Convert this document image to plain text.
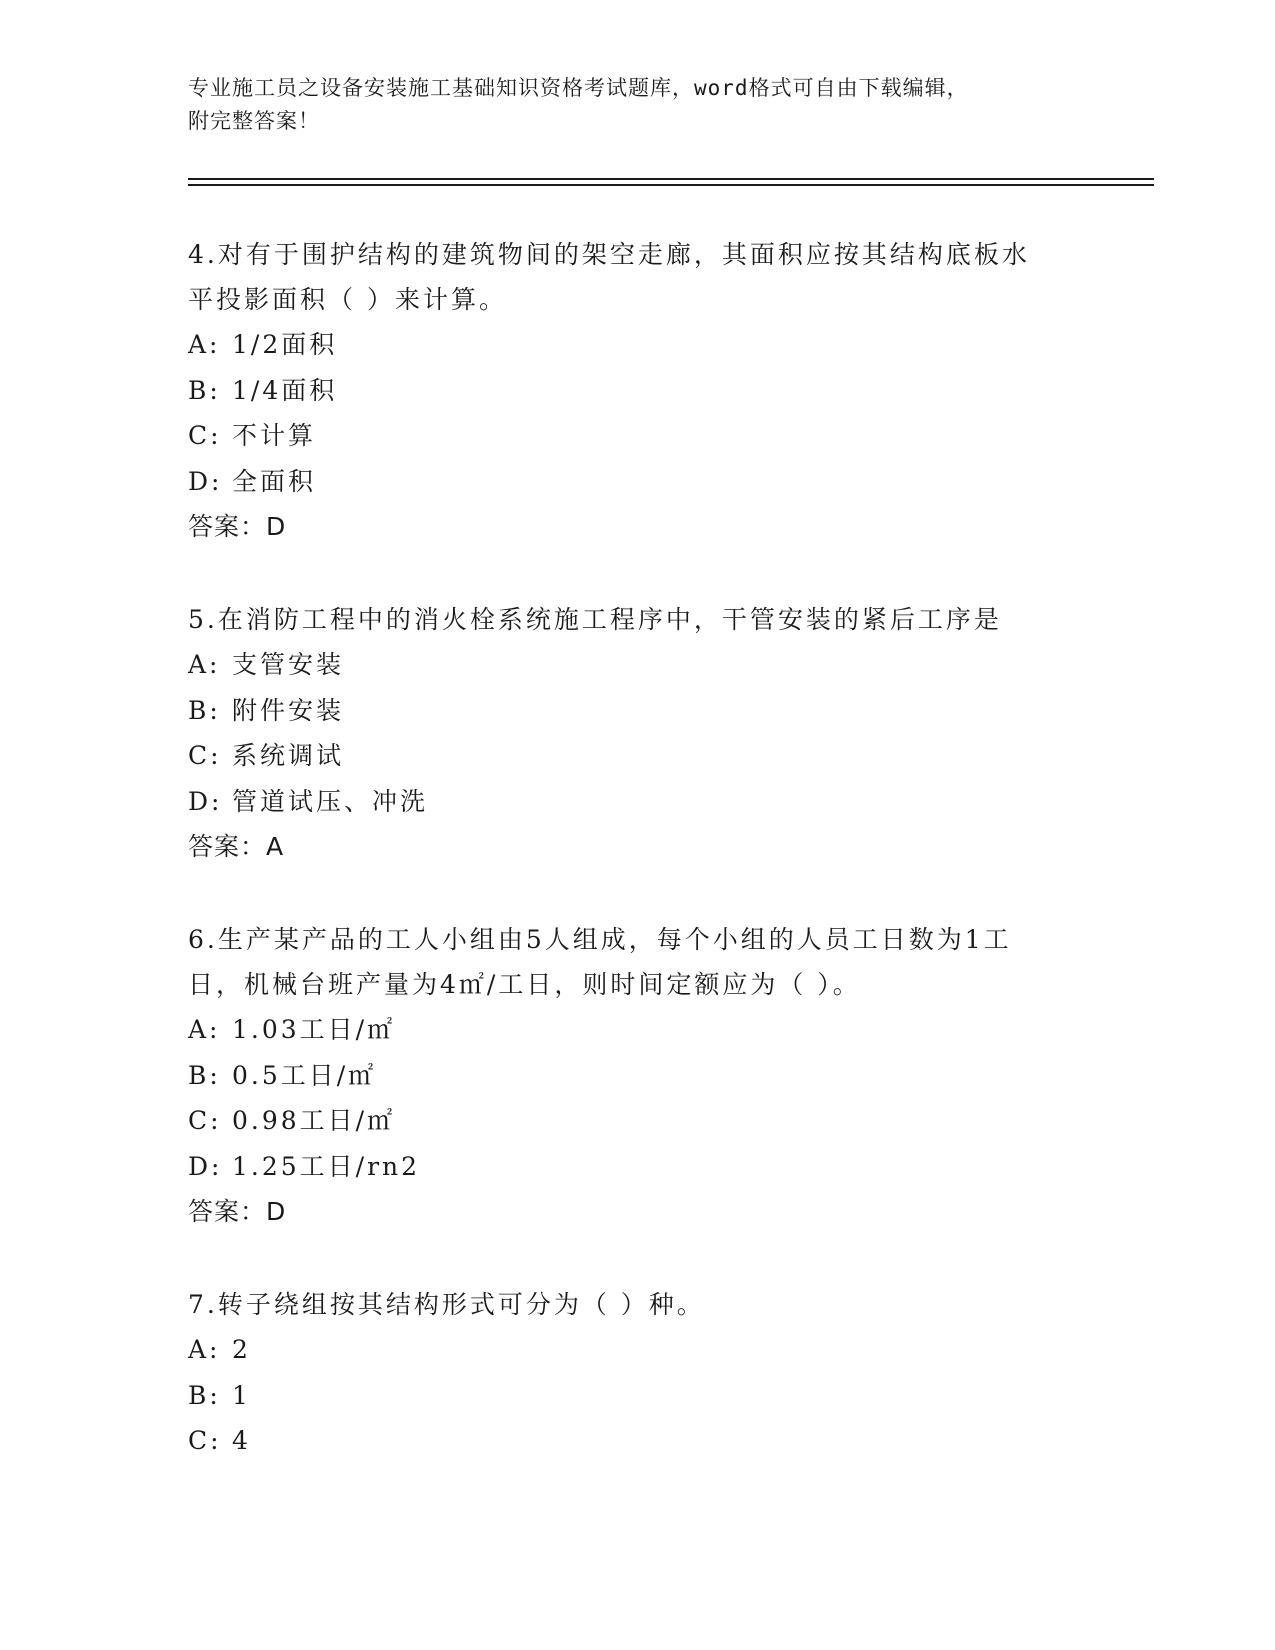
专业施工员之设备安装施工基础知识资格考试题库，word格式可自由下载编辑，
附完整答案！
4.对有于围护结构的建筑物间的架空走廊，其面积应按其结构底板水
平投影面积（ ）来计算。
A: 1/2面积
B: 1/4面积
C: 不计算
D: 全面积
答案：D
5.在消防工程中的消火栓系统施工程序中，干管安装的紧后工序是
A: 支管安装
B: 附件安装
C: 系统调试
D: 管道试压、冲洗
答案：A
6.生产某产品的工人小组由5人组成，每个小组的人员工日数为1工
日，机械台班产量为4㎡/工日，则时间定额应为（ ）。
A: 1.03工日/㎡
B: 0.5工日/㎡
C: 0.98工日/㎡
D: 1.25工日/rn2
答案：D
7.转子绕组按其结构形式可分为（ ）种。
A: 2
B: 1
C: 4
